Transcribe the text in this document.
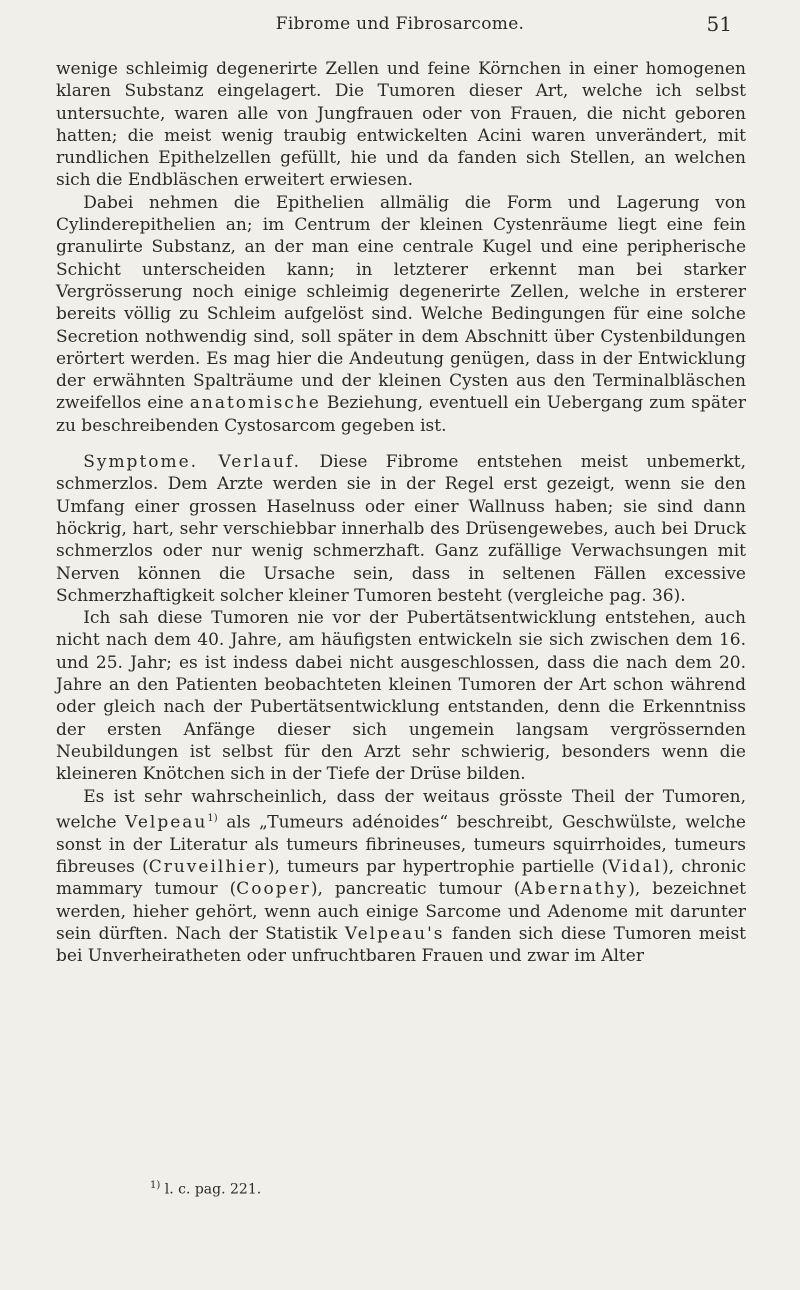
Fibrome und Fibrosarcome.	51

wenige schleimig degenerirte Zellen und feine Körnchen in einer homogenen klaren Substanz eingelagert. Die Tumoren dieser Art, welche ich selbst untersuchte, waren alle von Jungfrauen oder von Frauen, die nicht geboren hatten; die meist wenig traubig entwickelten Acini waren unverändert, mit rundlichen Epithelzellen gefüllt, hie und da fanden sich Stellen, an welchen sich die Endbläschen erweitert erwiesen.

Dabei nehmen die Epithelien allmälig die Form und Lagerung von Cylinderepithelien an; im Centrum der kleinen Cystenräume liegt eine fein granulirte Substanz, an der man eine centrale Kugel und eine peripherische Schicht unterscheiden kann; in letzterer erkennt man bei starker Vergrösserung noch einige schleimig degenerirte Zellen, welche in ersterer bereits völlig zu Schleim aufgelöst sind. Welche Bedingungen für eine solche Secretion nothwendig sind, soll später in dem Abschnitt über Cystenbildungen erörtert werden. Es mag hier die Andeutung genügen, dass in der Entwicklung der erwähnten Spalträume und der kleinen Cysten aus den Terminalbläschen zweifellos eine anatomische Beziehung, eventuell ein Uebergang zum später zu beschreibenden Cystosarcom gegeben ist.

Symptome. Verlauf. Diese Fibrome entstehen meist unbemerkt, schmerzlos. Dem Arzte werden sie in der Regel erst gezeigt, wenn sie den Umfang einer grossen Haselnuss oder einer Wallnuss haben; sie sind dann höckrig, hart, sehr verschiebbar innerhalb des Drüsengewebes, auch bei Druck schmerzlos oder nur wenig schmerzhaft. Ganz zufällige Verwachsungen mit Nerven können die Ursache sein, dass in seltenen Fällen excessive Schmerzhaftigkeit solcher kleiner Tumoren besteht (vergleiche pag. 36).

Ich sah diese Tumoren nie vor der Pubertätsentwicklung entstehen, auch nicht nach dem 40. Jahre, am häufigsten entwickeln sie sich zwischen dem 16. und 25. Jahr; es ist indess dabei nicht ausgeschlossen, dass die nach dem 20. Jahre an den Patienten beobachteten kleinen Tumoren der Art schon während oder gleich nach der Pubertätsentwicklung entstanden, denn die Erkenntniss der ersten Anfänge dieser sich ungemein langsam vergrössernden Neubildungen ist selbst für den Arzt sehr schwierig, besonders wenn die kleineren Knötchen sich in der Tiefe der Drüse bilden.

Es ist sehr wahrscheinlich, dass der weitaus grösste Theil der Tumoren, welche Velpeau$^{1)}$ als „Tumeurs adénoides“ beschreibt, Geschwülste, welche sonst in der Literatur als tumeurs fibrineuses, tumeurs squirrhoides, tumeurs fibreuses (Cruveilhier), tumeurs par hypertrophie partielle (Vidal), chronic mammary tumour (Cooper), pancreatic tumour (Abernathy), bezeichnet werden, hieher gehört, wenn auch einige Sarcome und Adenome mit darunter sein dürften. Nach der Statistik Velpeau's fanden sich diese Tumoren meist bei Unverheiratheten oder unfruchtbaren Frauen und zwar im Alter

$^{1)}$ l. c. pag. 221.
